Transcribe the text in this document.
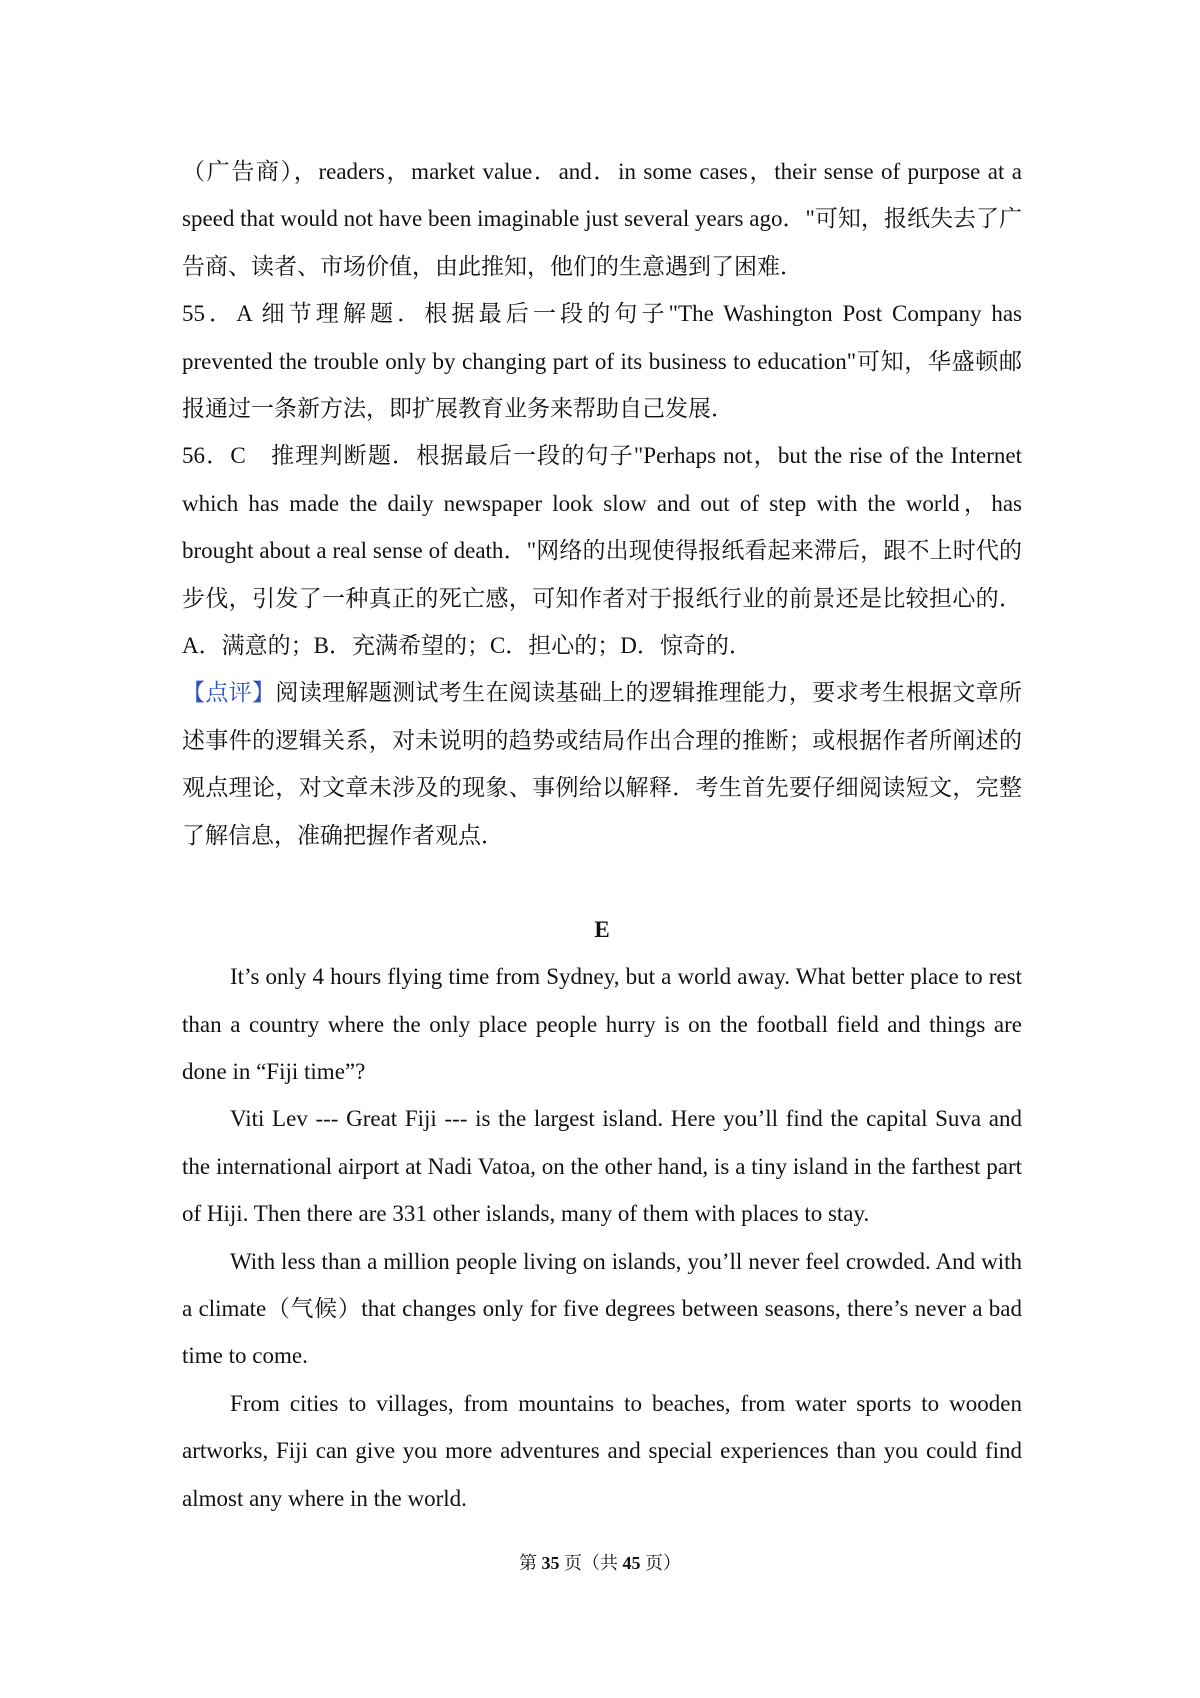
（广告商），readers，market value．and．in some cases，their sense of purpose at a speed that would not have been imaginable just several years ago．"可知，报纸失去了广告商、读者、市场价值，由此推知，他们的生意遇到了困难．

55．A 细节理解题．根据最后一段的句子"The Washington Post Company has prevented the trouble only by changing part of its business to education"可知，华盛顿邮报通过一条新方法，即扩展教育业务来帮助自己发展．

56．C　推理判断题．根据最后一段的句子"Perhaps not，but the rise of the Internet which has made the daily newspaper look slow and out of step with the world，has brought about a real sense of death．"网络的出现使得报纸看起来滞后，跟不上时代的步伐，引发了一种真正的死亡感，可知作者对于报纸行业的前景还是比较担心的．A．满意的；B．充满希望的；C．担心的；D．惊奇的．

【点评】阅读理解题测试考生在阅读基础上的逻辑推理能力，要求考生根据文章所述事件的逻辑关系，对未说明的趋势或结局作出合理的推断；或根据作者所阐述的观点理论，对文章未涉及的现象、事例给以解释．考生首先要仔细阅读短文，完整了解信息，准确把握作者观点．

E

It’s only 4 hours flying time from Sydney, but a world away. What better place to rest than a country where the only place people hurry is on the football field and things are done in “Fiji time”?

Viti Lev --- Great Fiji --- is the largest island. Here you’ll find the capital Suva and the international airport at Nadi Vatoa, on the other hand, is a tiny island in the farthest part of Hiji. Then there are 331 other islands, many of them with places to stay.

With less than a million people living on islands, you’ll never feel crowded. And with a climate（气候）that changes only for five degrees between seasons, there’s never a bad time to come.

From cities to villages, from mountains to beaches, from water sports to wooden artworks, Fiji can give you more adventures and special experiences than you could find almost any where in the world.

第 35 页（共 45 页）
